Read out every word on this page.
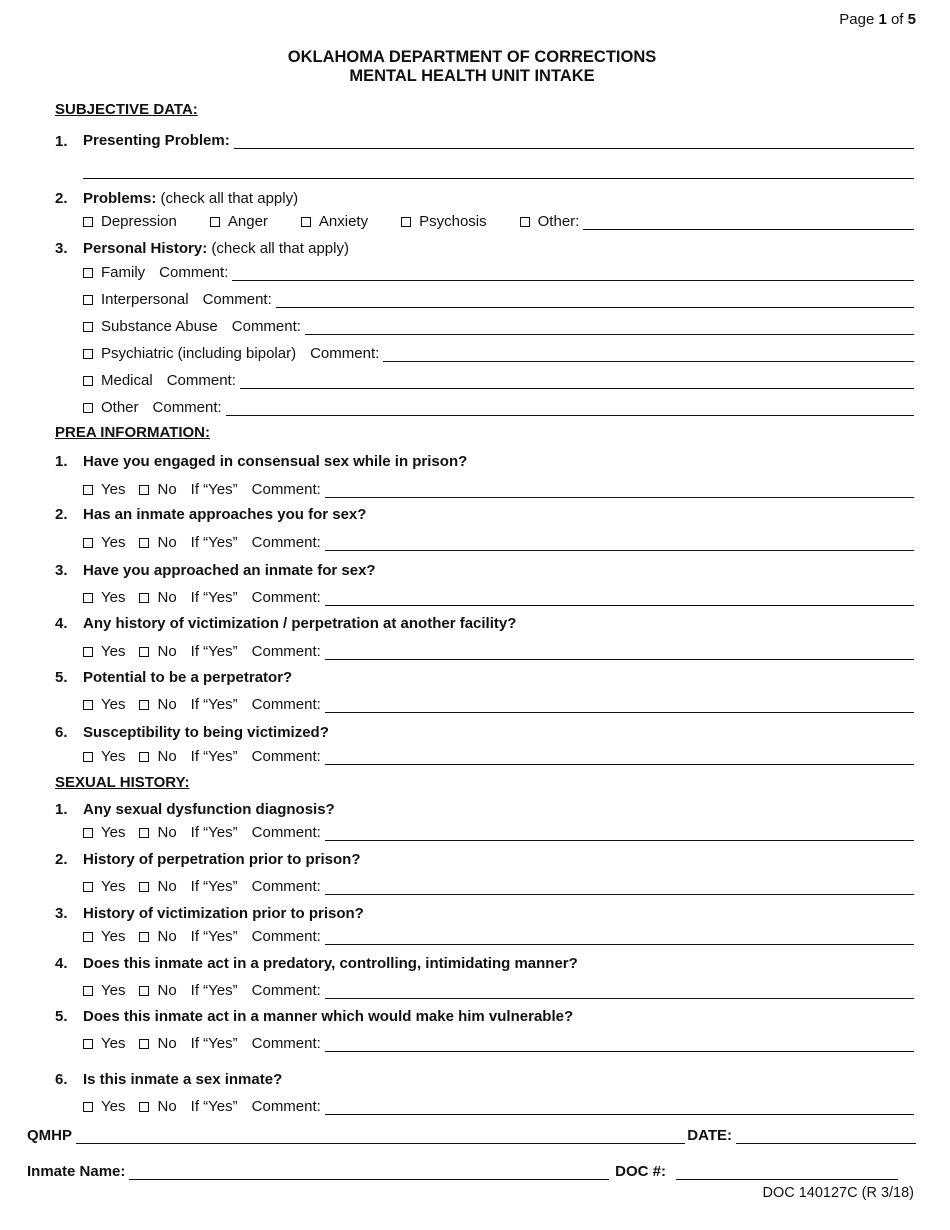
Page 1 of 5
OKLAHOMA DEPARTMENT OF CORRECTIONS
MENTAL HEALTH UNIT INTAKE
SUBJECTIVE DATA:
1. Presenting Problem:
2. Problems: (check all that apply)
Depression	Anger	Anxiety	Psychosis	Other:
3. Personal History: (check all that apply)
Family Comment:
Interpersonal Comment:
Substance Abuse Comment:
Psychiatric (including bipolar) Comment:
Medical Comment:
Other Comment:
PREA INFORMATION:
1. Have you engaged in consensual sex while in prison?
Yes No If “Yes” Comment:
2. Has an inmate approaches you for sex?
Yes No If “Yes” Comment:
3. Have you approached an inmate for sex?
Yes No If “Yes” Comment:
4. Any history of victimization / perpetration at another facility?
Yes No If “Yes” Comment:
5. Potential to be a perpetrator?
Yes No If “Yes” Comment:
6. Susceptibility to being victimized?
Yes No If “Yes” Comment:
SEXUAL HISTORY:
1. Any sexual dysfunction diagnosis?
Yes No If “Yes” Comment:
2. History of perpetration prior to prison?
Yes No If “Yes” Comment:
3. History of victimization prior to prison?
Yes No If “Yes” Comment:
4. Does this inmate act in a predatory, controlling, intimidating manner?
Yes No If “Yes” Comment:
5. Does this inmate act in a manner which would make him vulnerable?
Yes No If “Yes” Comment:
6. Is this inmate a sex inmate?
Yes No If “Yes” Comment:
QMHP	DATE:
Inmate Name:	DOC #:
DOC 140127C (R 3/18)
